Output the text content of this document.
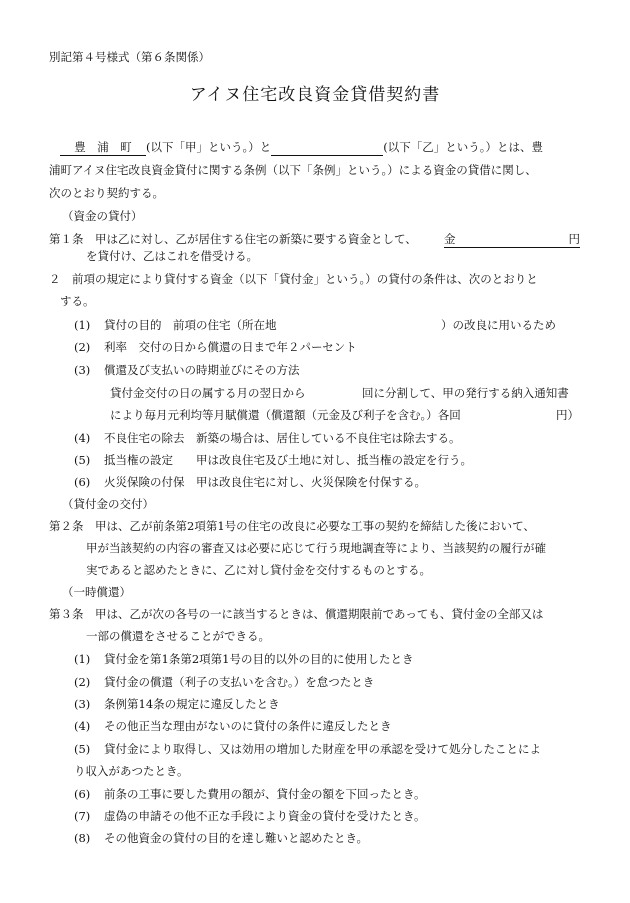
別記第４号様式（第６条関係）
アイヌ住宅改良資金貸借契約書
豊　浦　町 (以下「甲」という。）と	(以下「乙」という。）とは、豊
浦町アイヌ住宅改良資金貸付に関する条例（以下「条例」という。）による資金の貸借に関し、
次のとおり契約する。
（資金の貸付）
第１条　甲は乙に対し、乙が居住する住宅の新築に要する資金として、 金	円
を貸付け、乙はこれを借受ける。
２　前項の規定により貸付する資金（以下「貸付金」という。）の貸付の条件は、次のとおりと
する。
(1) 貸付の目的　前項の住宅（所在地	）の改良に用いるため
(2) 利率　交付の日から償還の日まで年２パーセント
(3) 償還及び支払いの時期並びにその方法
貸付金交付の日の属する月の翌日から	回に分割して、甲の発行する納入通知書
により毎月元利均等月賦償還（償還額（元金及び利子を含む。）各回	円）
(4) 不良住宅の除去　新築の場合は、居住している不良住宅は除去する。
(5) 抵当権の設定　　甲は改良住宅及び土地に対し、抵当権の設定を行う。
(6) 火災保険の付保　甲は改良住宅に対し、火災保険を付保する。
（貸付金の交付）
第２条　甲は、乙が前条第2項第1号の住宅の改良に必要な工事の契約を締結した後において、
甲が当該契約の内容の審査又は必要に応じて行う現地調査等により、当該契約の履行が確
実であると認めたときに、乙に対し貸付金を交付するものとする。
（一時償還）
第３条　甲は、乙が次の各号の一に該当するときは、償還期限前であっても、貸付金の全部又は
一部の償還をさせることができる。
(1) 貸付金を第1条第2項第1号の目的以外の目的に使用したとき
(2) 貸付金の償還（利子の支払いを含む。）を怠つたとき
(3) 条例第14条の規定に違反したとき
(4) その他正当な理由がないのに貸付の条件に違反したとき
(5) 貸付金により取得し、又は効用の増加した財産を甲の承認を受けて処分したことによ
り収入があつたとき。
(6) 前条の工事に要した費用の額が、貸付金の額を下回ったとき。
(7) 虚偽の申請その他不正な手段により資金の貸付を受けたとき。
(8) その他資金の貸付の目的を達し難いと認めたとき。
